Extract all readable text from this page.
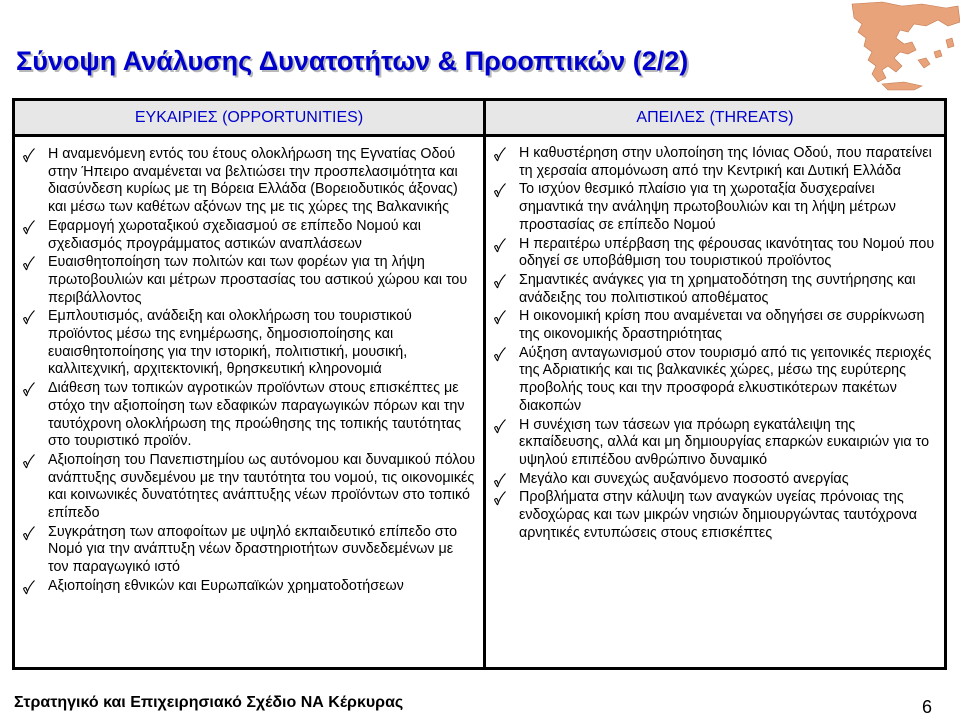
Σύνοψη Ανάλυσης Δυνατοτήτων & Προοπτικών (2/2)
ΕΥΚΑΙΡΙΕΣ (OPPORTUNITIES)
Η αναμενόμενη εντός του έτους ολοκλήρωση της Εγνατίας Οδού στην Ήπειρο αναμένεται να βελτιώσει την προσπελασιμότητα και διασύνδεση κυρίως με τη Βόρεια Ελλάδα (Βορειοδυτικός άξονας) και μέσω των καθέτων αξόνων της με τις χώρες της Βαλκανικής
Εφαρμογή χωροταξικού σχεδιασμού σε επίπεδο Νομού και σχεδιασμός προγράμματος αστικών αναπλάσεων
Ευαισθητοποίηση των πολιτών και των φορέων για τη λήψη πρωτοβουλιών και μέτρων προστασίας του αστικού χώρου και του περιβάλλοντος
Εμπλουτισμός, ανάδειξη και ολοκλήρωση του τουριστικού προϊόντος μέσω της ενημέρωσης, δημοσιοποίησης και ευαισθητοποίησης για την ιστορική, πολιτιστική, μουσική, καλλιτεχνική, αρχιτεκτονική, θρησκευτική κληρονομιά
Διάθεση των τοπικών αγροτικών προϊόντων στους επισκέπτες με στόχο την αξιοποίηση των εδαφικών παραγωγικών πόρων και την ταυτόχρονη ολοκλήρωση της προώθησης της τοπικής ταυτότητας στο τουριστικό προϊόν.
Αξιοποίηση του Πανεπιστημίου ως αυτόνομου και δυναμικού πόλου ανάπτυξης συνδεμένου με την ταυτότητα του νομού, τις οικονομικές και κοινωνικές δυνατότητες ανάπτυξης νέων προϊόντων στο τοπικό επίπεδο
Συγκράτηση των αποφοίτων με υψηλό εκπαιδευτικό επίπεδο στο Νομό για την ανάπτυξη νέων δραστηριοτήτων συνδεδεμένων με τον παραγωγικό ιστό
Αξιοποίηση εθνικών και Ευρωπαϊκών χρηματοδοτήσεων
ΑΠΕΙΛΕΣ (THREATS)
Η καθυστέρηση στην υλοποίηση της Ιόνιας Οδού, που παρατείνει τη χερσαία απομόνωση από την Κεντρική και Δυτική Ελλάδα
Το ισχύον θεσμικό πλαίσιο για τη χωροταξία δυσχεραίνει σημαντικά την ανάληψη πρωτοβουλιών και τη λήψη μέτρων προστασίας σε επίπεδο Νομού
Η περαιτέρω υπέρβαση της φέρουσας ικανότητας του Νομού που οδηγεί σε υποβάθμιση του τουριστικού προϊόντος
Σημαντικές ανάγκες για τη χρηματοδότηση της συντήρησης και ανάδειξης του πολιτιστικού αποθέματος
Η οικονομική κρίση που αναμένεται να οδηγήσει σε συρρίκνωση της οικονομικής δραστηριότητας
Αύξηση ανταγωνισμού στον τουρισμό από τις γειτονικές περιοχές της Αδριατικής και τις βαλκανικές χώρες, μέσω της ευρύτερης προβολής τους και την προσφορά ελκυστικότερων πακέτων διακοπών
Η συνέχιση των τάσεων για πρόωρη εγκατάλειψη της εκπαίδευσης, αλλά και μη δημιουργίας επαρκών ευκαιριών για το υψηλού επιπέδου ανθρώπινο δυναμικό
Μεγάλο και συνεχώς αυξανόμενο ποσοστό ανεργίας
Προβλήματα στην κάλυψη των αναγκών υγείας πρόνοιας της ενδοχώρας και των μικρών νησιών δημιουργώντας ταυτόχρονα αρνητικές εντυπώσεις στους επισκέπτες
Στρατηγικό και Επιχειρησιακό Σχέδιο ΝΑ Κέρκυρας	6
